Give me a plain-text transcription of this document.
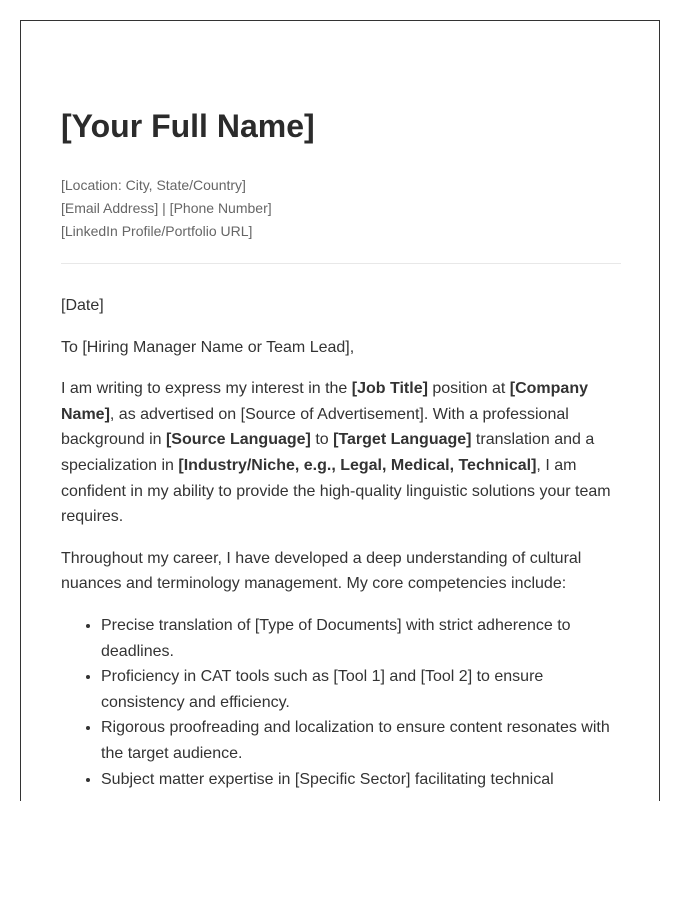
[Your Full Name]
[Location: City, State/Country]
[Email Address] | [Phone Number]
[LinkedIn Profile/Portfolio URL]

[Date]

To [Hiring Manager Name or Team Lead],

I am writing to express my interest in the [Job Title] position at [Company Name], as advertised on [Source of Advertisement]. With a professional background in [Source Language] to [Target Language] translation and a specialization in [Industry/Niche, e.g., Legal, Medical, Technical], I am confident in my ability to provide the high-quality linguistic solutions your team requires.

Throughout my career, I have developed a deep understanding of cultural nuances and terminology management. My core competencies include:

• Precise translation of [Type of Documents] with strict adherence to deadlines.
• Proficiency in CAT tools such as [Tool 1] and [Tool 2] to ensure consistency and efficiency.
• Rigorous proofreading and localization to ensure content resonates with the target audience.
• Subject matter expertise in [Specific Sector] facilitating technical
